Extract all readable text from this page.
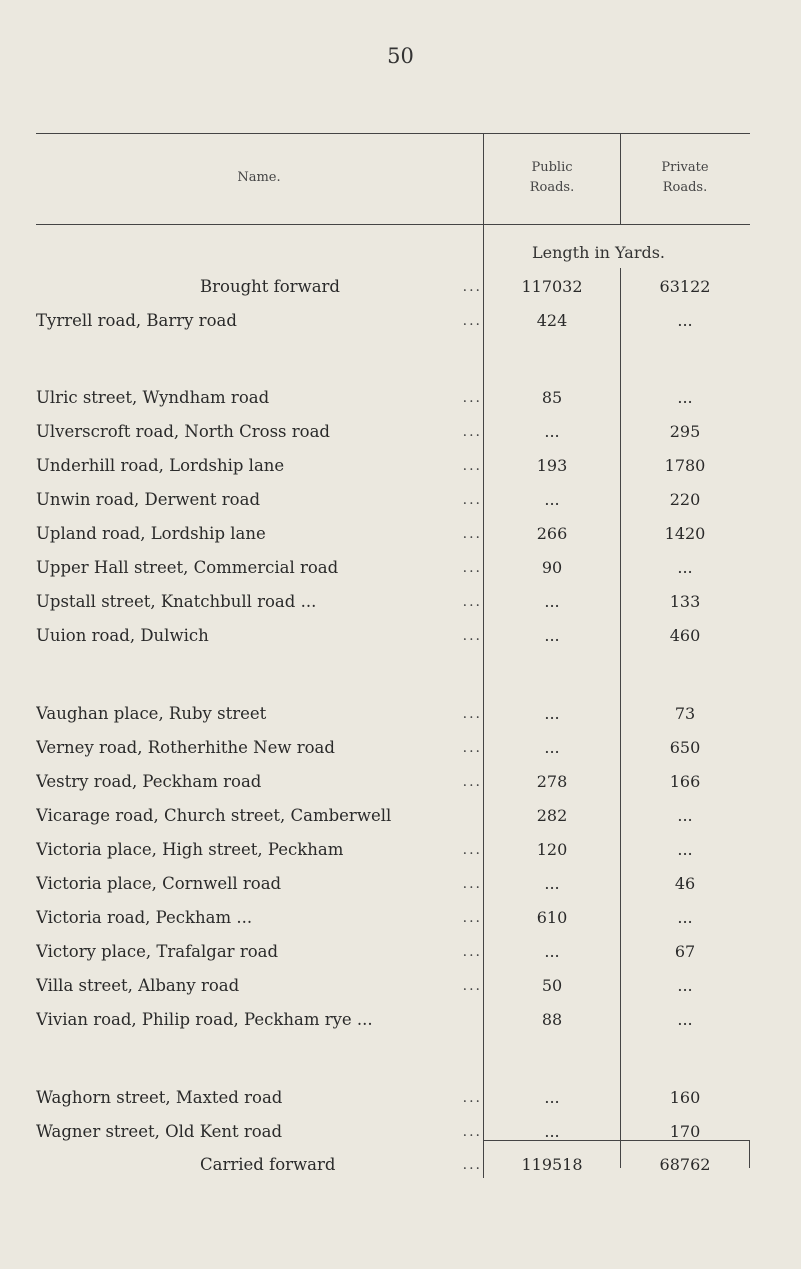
50
Name.
Public
Roads.
Private
Roads.
Length in Yards.
Brought forward	...	117032	63122
Tyrrell road, Barry road	...	424	...
Ulric street, Wyndham road	...	85	...
Ulverscroft road, North Cross road	...	...	295
Underhill road, Lordship lane	...	193	1780
Unwin road, Derwent road	...	...	220
Upland road, Lordship lane	...	266	1420
Upper Hall street, Commercial road	...	90	...
Upstall street, Knatchbull road ...	...	...	133
Uuion road, Dulwich	...	...	460
Vaughan place, Ruby street	...	...	73
Verney road, Rotherhithe New road	...	...	650
Vestry road, Peckham road	...	278	166
Vicarage road, Church street, Camberwell	282	...
Victoria place, High street, Peckham	...	120	...
Victoria place, Cornwell road	...	...	46
Victoria road, Peckham ...	...	610	...
Victory place, Trafalgar road	...	...	67
Villa street, Albany road	...	50	...
Vivian road, Philip road, Peckham rye ...	88	...
Waghorn street, Maxted road	...	...	160
Wagner street, Old Kent road	...	...	170
Carried forward	...	119518	68762
